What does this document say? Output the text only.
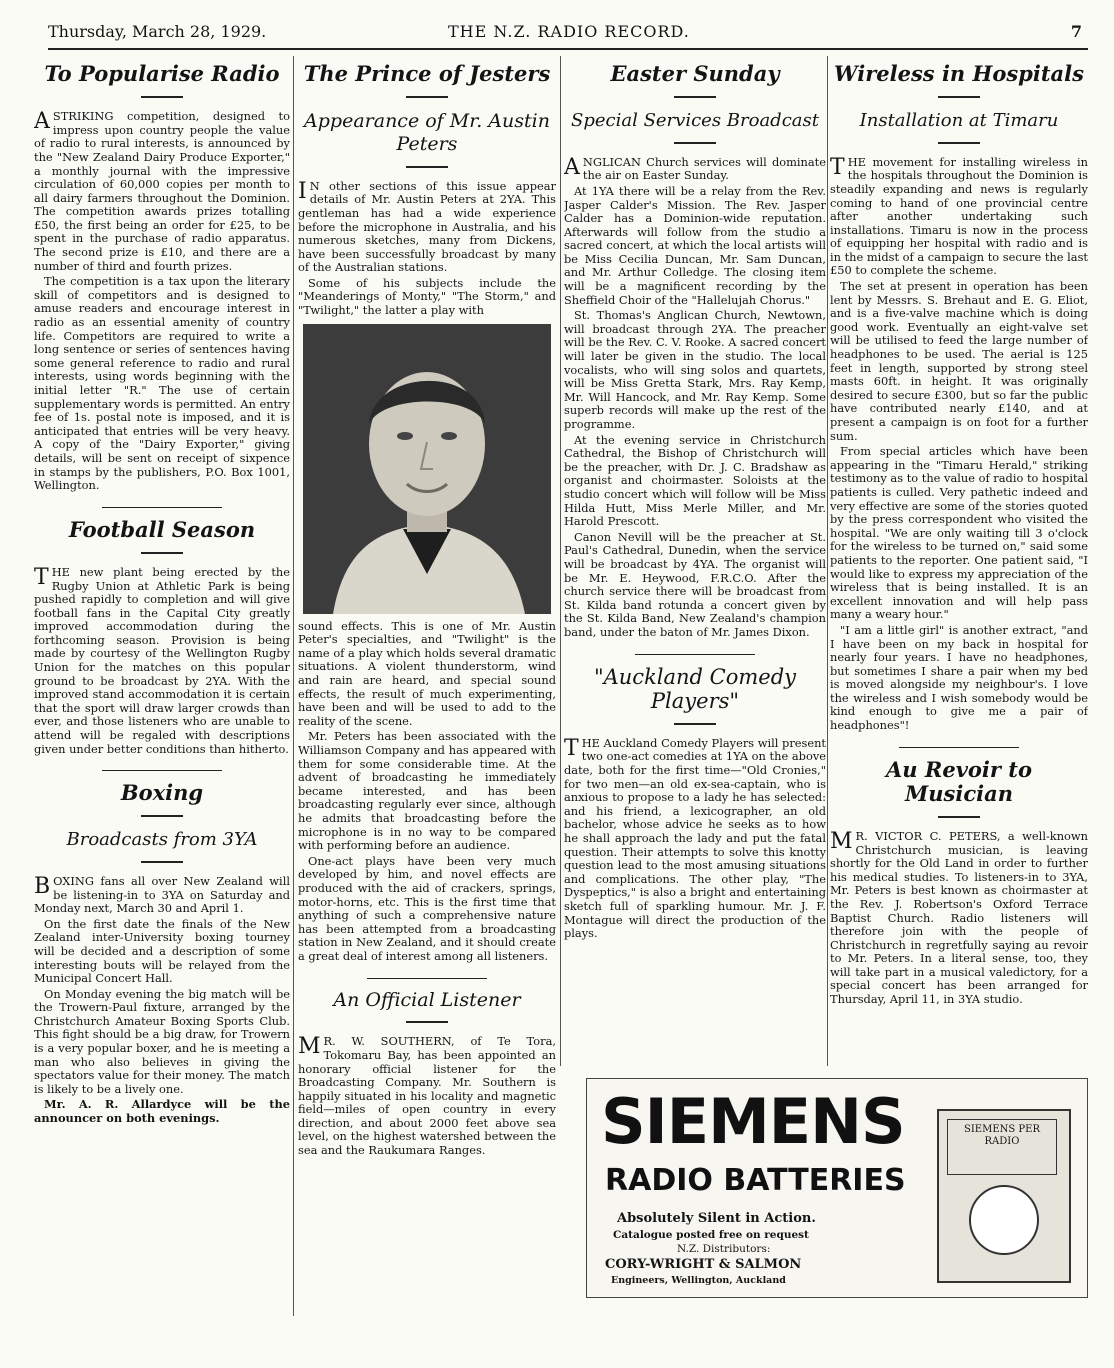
Thursday, March 28, 1929.	THE N.Z. RADIO RECORD.	7
To Popularise Radio

ASTRIKING competition, designed to impress upon country people the value of radio to rural interests, is announced by the "New Zealand Dairy Produce Exporter," a monthly journal with the impressive circulation of 60,000 copies per month to all dairy farmers throughout the Dominion. The competition awards prizes totalling £50, the first being an order for £25, to be spent in the purchase of radio apparatus. The second prize is £10, and there are a number of third and fourth prizes.

The competition is a tax upon the literary skill of competitors and is designed to amuse readers and encourage interest in radio as an essential amenity of country life. Competitors are required to write a long sentence or series of sentences having some general reference to radio and rural interests, using words beginning with the initial letter "R." The use of certain supplementary words is permitted. An entry fee of 1s. postal note is imposed, and it is anticipated that entries will be very heavy. A copy of the "Dairy Exporter," giving details, will be sent on receipt of sixpence in stamps by the publishers, P.O. Box 1001, Wellington.

Football Season

THE new plant being erected by the Rugby Union at Athletic Park is being pushed rapidly to completion and will give football fans in the Capital City greatly improved accommodation during the forthcoming season. Provision is being made by courtesy of the Wellington Rugby Union for the matches on this popular ground to be broadcast by 2YA. With the improved stand accommodation it is certain that the sport will draw larger crowds than ever, and those listeners who are unable to attend will be regaled with descriptions given under better conditions than hitherto.

Boxing
Broadcasts from 3YA

BOXING fans all over New Zealand will be listening-in to 3YA on Saturday and Monday next, March 30 and April 1.

On the first date the finals of the New Zealand inter-University boxing tourney will be decided and a description of some interesting bouts will be relayed from the Municipal Concert Hall.

On Monday evening the big match will be the Trowern-Paul fixture, arranged by the Christchurch Amateur Boxing Sports Club. This fight should be a big draw, for Trowern is a very popular boxer, and he is meeting a man who also believes in giving the spectators value for their money. The match is likely to be a lively one.

Mr. A. R. Allardyce will be the announcer on both evenings.

The Prince of Jesters
Appearance of Mr. Austin Peters

I N other sections of this issue appear details of Mr. Austin Peters at 2YA. This gentleman has had a wide experience before the microphone in Australia, and his numerous sketches, many from Dickens, have been successfully broadcast by many of the Australian stations.

Some of his subjects include the "Meanderings of Monty," "The Storm," and "Twilight," the latter a play with

sound effects. This is one of Mr. Austin Peter's specialties, and "Twilight" is the name of a play which holds several dramatic situations. A violent thunderstorm, wind and rain are heard, and special sound effects, the result of much experimenting, have been and will be used to add to the reality of the scene.

Mr. Peters has been associated with the Williamson Company and has appeared with them for some considerable time. At the advent of broadcasting he immediately became interested, and has been broadcasting regularly ever since, although he admits that broadcasting before the microphone is in no way to be compared with performing before an audience.

One-act plays have been very much developed by him, and novel effects are produced with the aid of crackers, springs, motor-horns, etc. This is the first time that anything of such a comprehensive nature has been attempted from a broadcasting station in New Zealand, and it should create a great deal of interest among all listeners.

An Official Listener

M R. W. SOUTHERN, of Te Tora, Tokomaru Bay, has been appointed an honorary official listener for the Broadcasting Company. Mr. Southern is happily situated in his locality and magnetic field—miles of open country in every direction, and about 2000 feet above sea level, on the highest watershed between the sea and the Raukumara Ranges.

Easter Sunday
Special Services Broadcast

ANGLICAN Church services will dominate the air on Easter Sunday.

At 1YA there will be a relay from the Rev. Jasper Calder's Mission. The Rev. Jasper Calder has a Dominion-wide reputation. Afterwards will follow from the studio a sacred concert, at which the local artists will be Miss Cecilia Duncan, Mr. Sam Duncan, and Mr. Arthur Colledge. The closing item will be a magnificent recording by the Sheffield Choir of the "Hallelujah Chorus."

St. Thomas's Anglican Church, Newtown, will broadcast through 2YA. The preacher will be the Rev. C. V. Rooke. A sacred concert will later be given in the studio. The local vocalists, who will sing solos and quartets, will be Miss Gretta Stark, Mrs. Ray Kemp, Mr. Will Hancock, and Mr. Ray Kemp. Some superb records will make up the rest of the programme.

At the evening service in Christchurch Cathedral, the Bishop of Christchurch will be the preacher, with Dr. J. C. Bradshaw as organist and choirmaster. Soloists at the studio concert which will follow will be Miss Hilda Hutt, Miss Merle Miller, and Mr. Harold Prescott.

Canon Nevill will be the preacher at St. Paul's Cathedral, Dunedin, when the service will be broadcast by 4YA. The organist will be Mr. E. Heywood, F.R.C.O. After the church service there will be broadcast from St. Kilda band rotunda a concert given by the St. Kilda Band, New Zealand's champion band, under the baton of Mr. James Dixon.

"Auckland Comedy Players"

THE Auckland Comedy Players will present two one-act comedies at 1YA on the above date, both for the first time—"Old Cronies," for two men—an old ex-sea-captain, who is anxious to propose to a lady he has selected: and his friend, a lexicographer, an old bachelor, whose advice he seeks as to how he shall approach the lady and put the fatal question. Their attempts to solve this knotty question lead to the most amusing situations and complications. The other play, "The Dyspeptics," is also a bright and entertaining sketch full of sparkling humour. Mr. J. F. Montague will direct the production of the plays.

Wireless in Hospitals
Installation at Timaru

THE movement for installing wireless in the hospitals throughout the Dominion is steadily expanding and news is regularly coming to hand of one provincial centre after another undertaking such installations. Timaru is now in the process of equipping her hospital with radio and is in the midst of a campaign to secure the last £50 to complete the scheme.

The set at present in operation has been lent by Messrs. S. Brehaut and E. G. Eliot, and is a five-valve machine which is doing good work. Eventually an eight-valve set will be utilised to feed the large number of headphones to be used. The aerial is 125 feet in length, supported by strong steel masts 60ft. in height. It was originally desired to secure £300, but so far the public have contributed nearly £140, and at present a campaign is on foot for a further sum.

From special articles which have been appearing in the "Timaru Herald," striking testimony as to the value of radio to hospital patients is culled. Very pathetic indeed and very effective are some of the stories quoted by the press correspondent who visited the hospital. "We are only waiting till 3 o'clock for the wireless to be turned on," said some patients to the reporter. One patient said, "I would like to express my appreciation of the wireless that is being installed. It is an excellent innovation and will help pass many a weary hour."

"I am a little girl" is another extract, "and I have been on my back in hospital for nearly four years. I have no headphones, but sometimes I share a pair when my bed is moved alongside my neighbour's. I love the wireless and I wish somebody would be kind enough to give me a pair of headphones"!

Au Revoir to Musician

M R. VICTOR C. PETERS, a well-known Christchurch musician, is leaving shortly for the Old Land in order to further his medical studies. To listeners-in to 3YA, Mr. Peters is best known as choirmaster at the Rev. J. Robertson's Oxford Terrace Baptist Church. Radio listeners will therefore join with the people of Christchurch in regretfully saying au revoir to Mr. Peters. In a literal sense, too, they will take part in a musical valedictory, for a special concert has been arranged for Thursday, April 11, in 3YA studio.

SIEMENS
RADIO BATTERIES
Absolutely Silent in Action.
Catalogue posted free on request
N.Z. Distributors:
CORY-WRIGHT & SALMON
Engineers, Wellington, Auckland
SIEMENS PER RADIO
